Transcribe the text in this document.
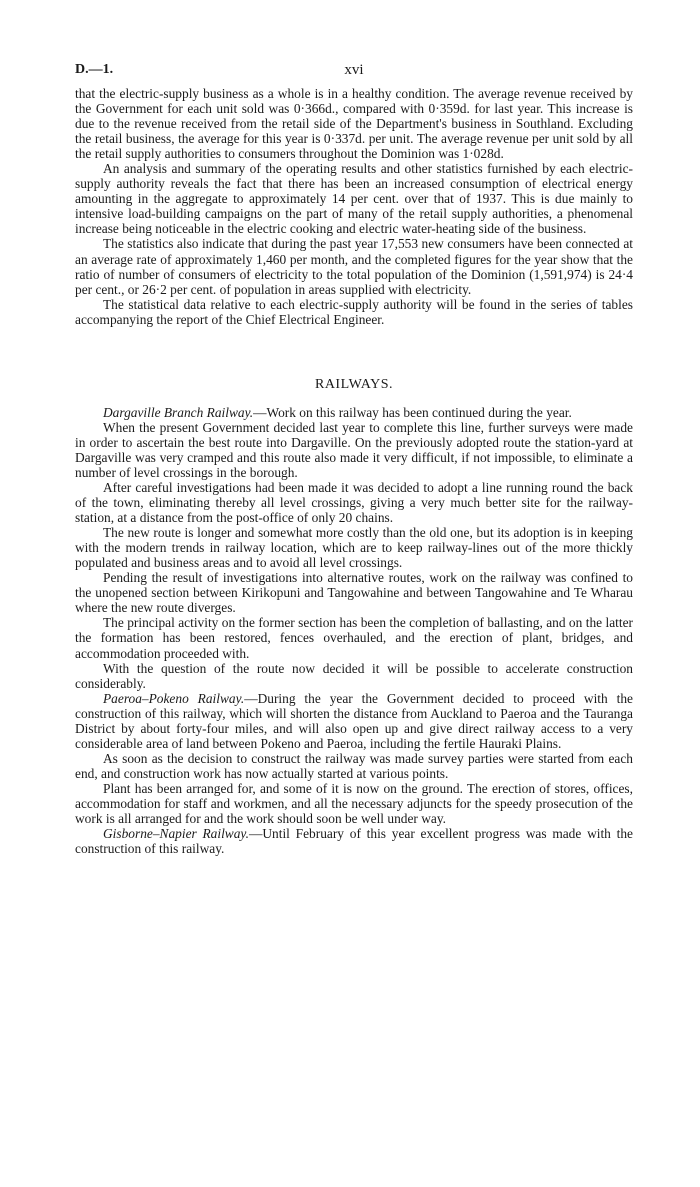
D.—1.	xvi

that the electric-supply business as a whole is in a healthy condition. The average revenue received by the Government for each unit sold was 0·366d., compared with 0·359d. for last year. This increase is due to the revenue received from the retail side of the Department's business in Southland. Excluding the retail business, the average for this year is 0·337d. per unit. The average revenue per unit sold by all the retail supply authorities to consumers throughout the Dominion was 1·028d.

An analysis and summary of the operating results and other statistics furnished by each electric-supply authority reveals the fact that there has been an increased consumption of electrical energy amounting in the aggregate to approximately 14 per cent. over that of 1937. This is due mainly to intensive load-building campaigns on the part of many of the retail supply authorities, a phenomenal increase being noticeable in the electric cooking and electric water-heating side of the business.

The statistics also indicate that during the past year 17,553 new consumers have been connected at an average rate of approximately 1,460 per month, and the completed figures for the year show that the ratio of number of consumers of electricity to the total population of the Dominion (1,591,974) is 24·4 per cent., or 26·2 per cent. of population in areas supplied with electricity.

The statistical data relative to each electric-supply authority will be found in the series of tables accompanying the report of the Chief Electrical Engineer.

RAILWAYS.

Dargaville Branch Railway.—Work on this railway has been continued during the year.

When the present Government decided last year to complete this line, further surveys were made in order to ascertain the best route into Dargaville. On the previously adopted route the station-yard at Dargaville was very cramped and this route also made it very difficult, if not impossible, to eliminate a number of level crossings in the borough.

After careful investigations had been made it was decided to adopt a line running round the back of the town, eliminating thereby all level crossings, giving a very much better site for the railway-station, at a distance from the post-office of only 20 chains.

The new route is longer and somewhat more costly than the old one, but its adoption is in keeping with the modern trends in railway location, which are to keep railway-lines out of the more thickly populated and business areas and to avoid all level crossings.

Pending the result of investigations into alternative routes, work on the railway was confined to the unopened section between Kirikopuni and Tangowahine and between Tangowahine and Te Wharau where the new route diverges.

The principal activity on the former section has been the completion of ballasting, and on the latter the formation has been restored, fences overhauled, and the erection of plant, bridges, and accommodation proceeded with.

With the question of the route now decided it will be possible to accelerate construction considerably.

Paeroa–Pokeno Railway.—During the year the Government decided to proceed with the construction of this railway, which will shorten the distance from Auckland to Paeroa and the Tauranga District by about forty-four miles, and will also open up and give direct railway access to a very considerable area of land between Pokeno and Paeroa, including the fertile Hauraki Plains.

As soon as the decision to construct the railway was made survey parties were started from each end, and construction work has now actually started at various points.

Plant has been arranged for, and some of it is now on the ground. The erection of stores, offices, accommodation for staff and workmen, and all the necessary adjuncts for the speedy prosecution of the work is all arranged for and the work should soon be well under way.

Gisborne–Napier Railway.—Until February of this year excellent progress was made with the construction of this railway.
